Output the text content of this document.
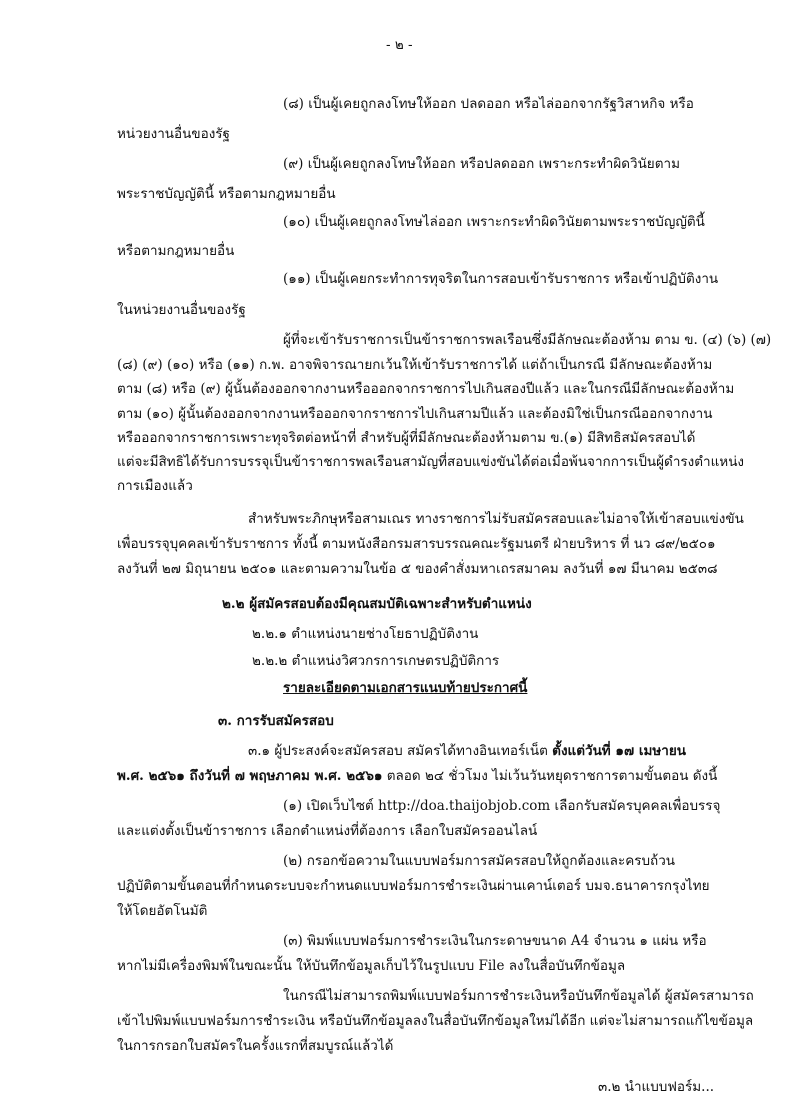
- ๒ -
(๘) เป็นผู้เคยถูกลงโทษให้ออก ปลดออก หรือไล่ออกจากรัฐวิสาหกิจ หรือ
หน่วยงานอื่นของรัฐ
(๙) เป็นผู้เคยถูกลงโทษให้ออก หรือปลดออก เพราะกระทำผิดวินัยตาม
พระราชบัญญัตินี้ หรือตามกฎหมายอื่น
(๑๐) เป็นผู้เคยถูกลงโทษไล่ออก เพราะกระทำผิดวินัยตามพระราชบัญญัตินี้
หรือตามกฎหมายอื่น
(๑๑) เป็นผู้เคยกระทำการทุจริตในการสอบเข้ารับราชการ หรือเข้าปฏิบัติงาน
ในหน่วยงานอื่นของรัฐ
ผู้ที่จะเข้ารับราชการเป็นข้าราชการพลเรือนซึ่งมีลักษณะต้องห้าม ตาม ข. (๔) (๖) (๗)
(๘) (๙) (๑๐) หรือ (๑๑) ก.พ. อาจพิจารณายกเว้นให้เข้ารับราชการได้ แต่ถ้าเป็นกรณี มีลักษณะต้องห้าม
ตาม (๘) หรือ (๙) ผู้นั้นต้องออกจากงานหรือออกจากราชการไปเกินสองปีแล้ว และในกรณีมีลักษณะต้องห้าม
ตาม (๑๐) ผู้นั้นต้องออกจากงานหรือออกจากราชการไปเกินสามปีแล้ว และต้องมิใช่เป็นกรณีออกจากงาน
หรือออกจากราชการเพราะทุจริตต่อหน้าที่ สำหรับผู้ที่มีลักษณะต้องห้ามตาม ข.(๑) มีสิทธิสมัครสอบได้
แต่จะมีสิทธิได้รับการบรรจุเป็นข้าราชการพลเรือนสามัญที่สอบแข่งขันได้ต่อเมื่อพ้นจากการเป็นผู้ดำรงตำแหน่ง
การเมืองแล้ว
สำหรับพระภิกษุหรือสามเณร ทางราชการไม่รับสมัครสอบและไม่อาจให้เข้าสอบแข่งขัน
เพื่อบรรจุบุคคลเข้ารับราชการ ทั้งนี้ ตามหนังสือกรมสารบรรณคณะรัฐมนตรี ฝ่ายบริหาร ที่ นว ๘๙/๒๕๐๑
ลงวันที่ ๒๗ มิถุนายน ๒๕๐๑ และตามความในข้อ ๕ ของคำสั่งมหาเถรสมาคม ลงวันที่ ๑๗ มีนาคม ๒๕๓๘
๒.๒ ผู้สมัครสอบต้องมีคุณสมบัติเฉพาะสำหรับตำแหน่ง
๒.๒.๑ ตำแหน่งนายช่างโยธาปฏิบัติงาน
๒.๒.๒ ตำแหน่งวิศวกรการเกษตรปฏิบัติการ
รายละเอียดตามเอกสารแนบท้ายประกาศนี้
๓. การรับสมัครสอบ
๓.๑ ผู้ประสงค์จะสมัครสอบ สมัครได้ทางอินเทอร์เน็ต ตั้งแต่วันที่ ๑๗ เมษายน
พ.ศ. ๒๕๖๑ ถึงวันที่ ๗ พฤษภาคม พ.ศ. ๒๕๖๑ ตลอด ๒๔ ชั่วโมง ไม่เว้นวันหยุดราชการตามขั้นตอน ดังนี้
(๑) เปิดเว็บไซต์ http://doa.thaijobjob.com เลือกรับสมัครบุคคลเพื่อบรรจุ
และแต่งตั้งเป็นข้าราชการ เลือกตำแหน่งที่ต้องการ เลือกใบสมัครออนไลน์
(๒) กรอกข้อความในแบบฟอร์มการสมัครสอบให้ถูกต้องและครบถ้วน
ปฏิบัติตามขั้นตอนที่กำหนดระบบจะกำหนดแบบฟอร์มการชำระเงินผ่านเคาน์เตอร์ บมจ.ธนาคารกรุงไทย
ให้โดยอัตโนมัติ
(๓) พิมพ์แบบฟอร์มการชำระเงินในกระดาษขนาด A4 จำนวน ๑ แผ่น หรือ
หากไม่มีเครื่องพิมพ์ในขณะนั้น ให้บันทึกข้อมูลเก็บไว้ในรูปแบบ File ลงในสื่อบันทึกข้อมูล
ในกรณีไม่สามารถพิมพ์แบบฟอร์มการชำระเงินหรือบันทึกข้อมูลได้ ผู้สมัครสามารถ
เข้าไปพิมพ์แบบฟอร์มการชำระเงิน หรือบันทึกข้อมูลลงในสื่อบันทึกข้อมูลใหม่ได้อีก แต่จะไม่สามารถแก้ไขข้อมูล
ในการกรอกใบสมัครในครั้งแรกที่สมบูรณ์แล้วได้
๓.๒ นำแบบฟอร์ม...
